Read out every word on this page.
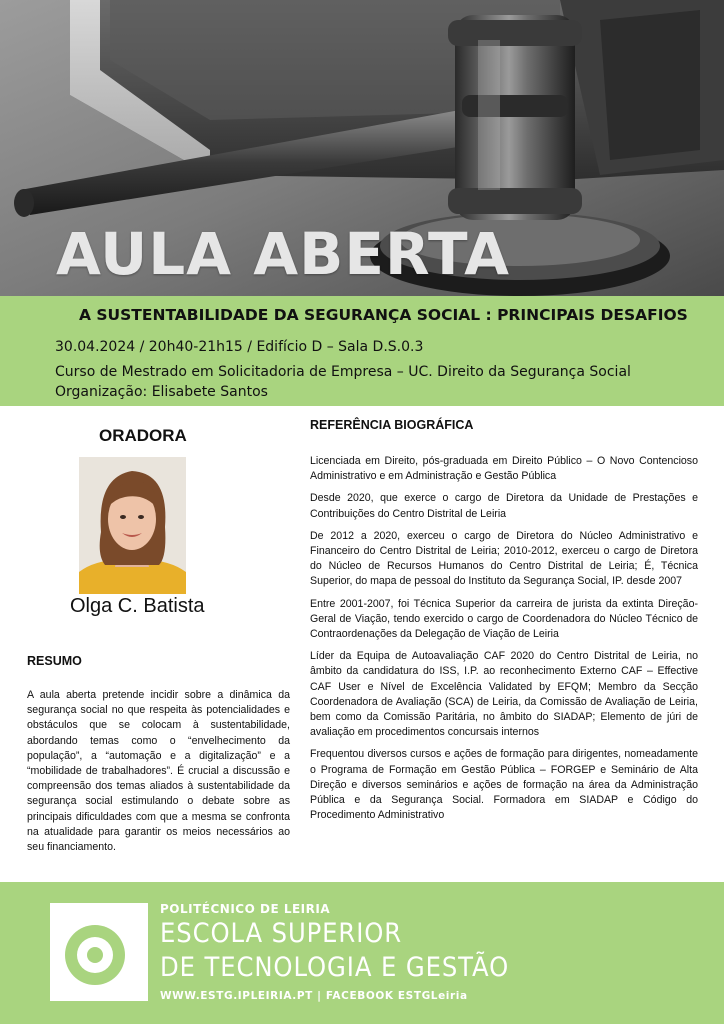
AULA ABERTA
A SUSTENTABILIDADE DA SEGURANÇA SOCIAL : PRINCIPAIS DESAFIOS
30.04.2024 / 20h40-21h15 / Edifício D – Sala D.S.0.3
Curso de Mestrado em Solicitadoria de Empresa – UC. Direito da Segurança Social
Organização: Elisabete Santos
ORADORA
Olga C. Batista
RESUMO
A aula aberta pretende incidir sobre a dinâmica da segurança social no que respeita às potencialidades e obstáculos que se colocam à sustentabilidade, abordando temas como o “envelhecimento da população”, a “automação e a digitalização” e a “mobilidade de trabalhadores”. É crucial a discussão e compreensão dos temas aliados à sustentabilidade da segurança social estimulando o debate sobre as principais dificuldades com que a mesma se confronta na atualidade para garantir os meios necessários ao seu financiamento.
REFERÊNCIA BIOGRÁFICA

Licenciada em Direito, pós-graduada em Direito Público – O Novo Contencioso Administrativo e em Administração e Gestão Pública

Desde 2020, que exerce o cargo de Diretora da Unidade de Prestações e Contribuições do Centro Distrital de Leiria

De 2012 a 2020, exerceu o cargo de Diretora do Núcleo Administrativo e Financeiro do Centro Distrital de Leiria; 2010-2012, exerceu o cargo de Diretora do Núcleo de Recursos Humanos do Centro Distrital de Leiria; É, Técnica Superior, do mapa de pessoal do Instituto da Segurança Social, IP. desde 2007

Entre 2001-2007, foi Técnica Superior da carreira de jurista da extinta Direção-Geral de Viação, tendo exercido o cargo de Coordenadora do Núcleo Técnico de Contraordenações da Delegação de Viação de Leiria

Líder da Equipa de Autoavaliação CAF 2020 do Centro Distrital de Leiria, no âmbito da candidatura do ISS, I.P. ao reconhecimento Externo CAF – Effective CAF User e Nível de Excelência Validated by EFQM; Membro da Secção Coordenadora de Avaliação (SCA) de Leiria, da Comissão de Avaliação de Leiria, bem como da Comissão Paritária, no âmbito do SIADAP; Elemento de júri de avaliação em procedimentos concursais internos

Frequentou diversos cursos e ações de formação para dirigentes, nomeadamente o Programa de Formação em Gestão Pública – FORGEP e Seminário de Alta Direção e diversos seminários e ações de formação na área da Administração Pública e da Segurança Social. Formadora em SIADAP e Código do Procedimento Administrativo

POLITÉCNICO DE LEIRIA
ESCOLA SUPERIOR
DE TECNOLOGIA E GESTÃO
WWW.ESTG.IPLEIRIA.PT | FACEBOOK ESTGLeiria
